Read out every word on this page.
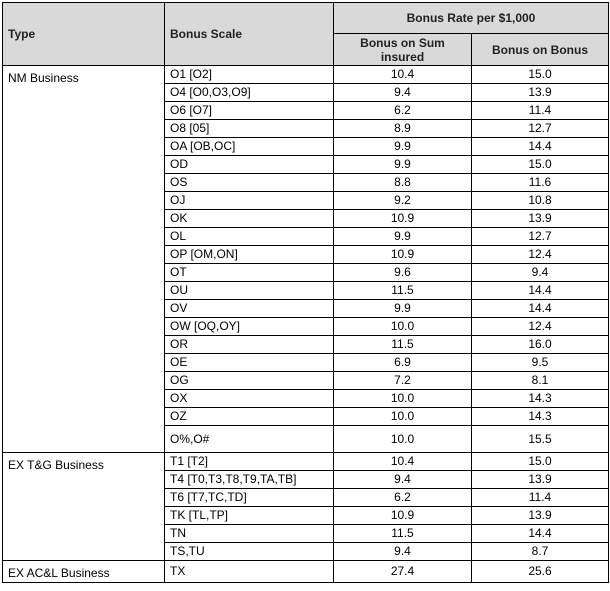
Type	Bonus Scale	Bonus Rate per $1,000	
		Bonus on Sum insured	Bonus on Bonus

NM Business	O1 [O2]	10.4	15.0
	O4 [O0,O3,O9]	9.4	13.9
	O6 [O7]	6.2	11.4
	O8 [05]	8.9	12.7
	OA [OB,OC]	9.9	14.4
	OD	9.9	15.0
	OS	8.8	11.6
	OJ	9.2	10.8
	OK	10.9	13.9
	OL	9.9	12.7
	OP [OM,ON]	10.9	12.4
	OT	9.6	9.4
	OU	11.5	14.4
	OV	9.9	14.4
	OW [OQ,OY]	10.0	12.4
	OR	11.5	16.0
	OE	6.9	9.5
	OG	7.2	8.1
	OX	10.0	14.3
	OZ	10.0	14.3
	O%,O#	10.0	15.5

EX T&G Business	T1 [T2]	10.4	15.0
	T4 [T0,T3,T8,T9,TA,TB]	9.4	13.9
	T6 [T7,TC,TD]	6.2	11.4
	TK [TL,TP]	10.9	13.9
	TN	11.5	14.4
	TS,TU	9.4	8.7

EX AC&L Business	TX	27.4	25.6
